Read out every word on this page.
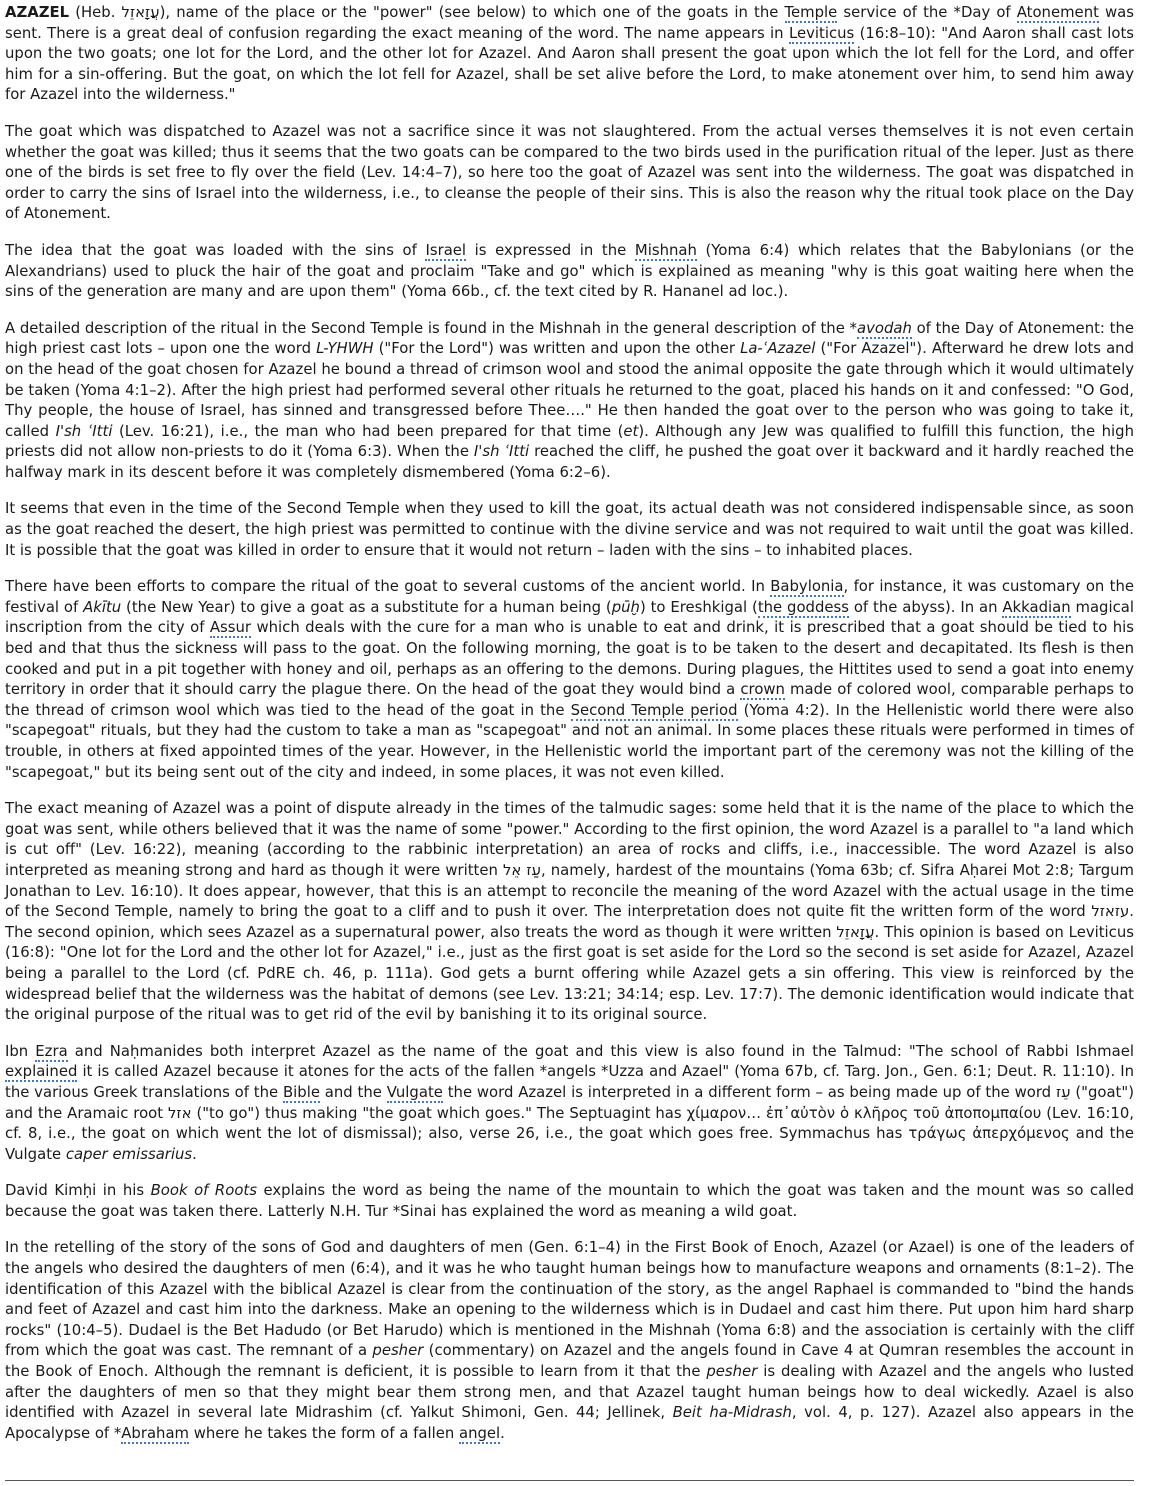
AZAZEL (Heb. עֲזָאזֵל), name of the place or the "power" (see below) to which one of the goats in the Temple service of the *Day of Atonement was sent. There is a great deal of confusion regarding the exact meaning of the word. The name appears in Leviticus (16:8–10): "And Aaron shall cast lots upon the two goats; one lot for the Lord, and the other lot for Azazel. And Aaron shall present the goat upon which the lot fell for the Lord, and offer him for a sin-offering. But the goat, on which the lot fell for Azazel, shall be set alive before the Lord, to make atonement over him, to send him away for Azazel into the wilderness."

The goat which was dispatched to Azazel was not a sacrifice since it was not slaughtered. From the actual verses themselves it is not even certain whether the goat was killed; thus it seems that the two goats can be compared to the two birds used in the purification ritual of the leper. Just as there one of the birds is set free to fly over the field (Lev. 14:4–7), so here too the goat of Azazel was sent into the wilderness. The goat was dispatched in order to carry the sins of Israel into the wilderness, i.e., to cleanse the people of their sins. This is also the reason why the ritual took place on the Day of Atonement.

The idea that the goat was loaded with the sins of Israel is expressed in the Mishnah (Yoma 6:4) which relates that the Babylonians (or the Alexandrians) used to pluck the hair of the goat and proclaim "Take and go" which is explained as meaning "why is this goat waiting here when the sins of the generation are many and are upon them" (Yoma 66b., cf. the text cited by R. Hananel ad loc.).

A detailed description of the ritual in the Second Temple is found in the Mishnah in the general description of the *avodah of the Day of Atonement: the high priest cast lots – upon one the word L-YHWH ("For the Lord") was written and upon the other La-ʿAzazel ("For Azazel"). Afterward he drew lots and on the head of the goat chosen for Azazel he bound a thread of crimson wool and stood the animal opposite the gate through which it would ultimately be taken (Yoma 4:1–2). After the high priest had performed several other rituals he returned to the goat, placed his hands on it and confessed: "O God, Thy people, the house of Israel, has sinned and transgressed before Thee…." He then handed the goat over to the person who was going to take it, called I'sh ʿItti (Lev. 16:21), i.e., the man who had been prepared for that time (et). Although any Jew was qualified to fulfill this function, the high priests did not allow non-priests to do it (Yoma 6:3). When the I'sh ʿItti reached the cliff, he pushed the goat over it backward and it hardly reached the halfway mark in its descent before it was completely dismembered (Yoma 6:2–6).

It seems that even in the time of the Second Temple when they used to kill the goat, its actual death was not considered indispensable since, as soon as the goat reached the desert, the high priest was permitted to continue with the divine service and was not required to wait until the goat was killed. It is possible that the goat was killed in order to ensure that it would not return – laden with the sins – to inhabited places.

There have been efforts to compare the ritual of the goat to several customs of the ancient world. In Babylonia, for instance, it was customary on the festival of Akītu (the New Year) to give a goat as a substitute for a human being (pūḫ) to Ereshkigal (the goddess of the abyss). In an Akkadian magical inscription from the city of Assur which deals with the cure for a man who is unable to eat and drink, it is prescribed that a goat should be tied to his bed and that thus the sickness will pass to the goat. On the following morning, the goat is to be taken to the desert and decapitated. Its flesh is then cooked and put in a pit together with honey and oil, perhaps as an offering to the demons. During plagues, the Hittites used to send a goat into enemy territory in order that it should carry the plague there. On the head of the goat they would bind a crown made of colored wool, comparable perhaps to the thread of crimson wool which was tied to the head of the goat in the Second Temple period (Yoma 4:2). In the Hellenistic world there were also "scapegoat" rituals, but they had the custom to take a man as "scapegoat" and not an animal. In some places these rituals were performed in times of trouble, in others at fixed appointed times of the year. However, in the Hellenistic world the important part of the ceremony was not the killing of the "scapegoat," but its being sent out of the city and indeed, in some places, it was not even killed.

The exact meaning of Azazel was a point of dispute already in the times of the talmudic sages: some held that it is the name of the place to which the goat was sent, while others believed that it was the name of some "power." According to the first opinion, the word Azazel is a parallel to "a land which is cut off" (Lev. 16:22), meaning (according to the rabbinic interpretation) an area of rocks and cliffs, i.e., inaccessible. The word Azazel is also interpreted as meaning strong and hard as though it were written עַז אֵל, namely, hardest of the mountains (Yoma 63b; cf. Sifra Aḥarei Mot 2:8; Targum Jonathan to Lev. 16:10). It does appear, however, that this is an attempt to reconcile the meaning of the word Azazel with the actual usage in the time of the Second Temple, namely to bring the goat to a cliff and to push it over. The interpretation does not quite fit the written form of the word עזאזל. The second opinion, which sees Azazel as a supernatural power, also treats the word as though it were written עֲזָאזֵל. This opinion is based on Leviticus (16:8): "One lot for the Lord and the other lot for Azazel," i.e., just as the first goat is set aside for the Lord so the second is set aside for Azazel, Azazel being a parallel to the Lord (cf. PdRE ch. 46, p. 111a). God gets a burnt offering while Azazel gets a sin offering. This view is reinforced by the widespread belief that the wilderness was the habitat of demons (see Lev. 13:21; 34:14; esp. Lev. 17:7). The demonic identification would indicate that the original purpose of the ritual was to get rid of the evil by banishing it to its original source.

Ibn Ezra and Naḥmanides both interpret Azazel as the name of the goat and this view is also found in the Talmud: "The school of Rabbi Ishmael explained it is called Azazel because it atones for the acts of the fallen *angels *Uzza and Azael" (Yoma 67b, cf. Targ. Jon., Gen. 6:1; Deut. R. 11:10). In the various Greek translations of the Bible and the Vulgate the word Azazel is interpreted in a different form – as being made up of the word עֵז ("goat") and the Aramaic root אזל ("to go") thus making "the goat which goes." The Septuagint has χίμαρον… ἐπ᾽αὐτὸν ὁ κλῆρος τοῦ ἀποπομπαίου (Lev. 16:10, cf. 8, i.e., the goat on which went the lot of dismissal); also, verse 26, i.e., the goat which goes free. Symmachus has τράγως ἀπερχόμενος and the Vulgate caper emissarius.

David Kimḥi in his Book of Roots explains the word as being the name of the mountain to which the goat was taken and the mount was so called because the goat was taken there. Latterly N.H. Tur *Sinai has explained the word as meaning a wild goat.

In the retelling of the story of the sons of God and daughters of men (Gen. 6:1–4) in the First Book of Enoch, Azazel (or Azael) is one of the leaders of the angels who desired the daughters of men (6:4), and it was he who taught human beings how to manufacture weapons and ornaments (8:1–2). The identification of this Azazel with the biblical Azazel is clear from the continuation of the story, as the angel Raphael is commanded to "bind the hands and feet of Azazel and cast him into the darkness. Make an opening to the wilderness which is in Dudael and cast him there. Put upon him hard sharp rocks" (10:4–5). Dudael is the Bet Hadudo (or Bet Harudo) which is mentioned in the Mishnah (Yoma 6:8) and the association is certainly with the cliff from which the goat was cast. The remnant of a pesher (commentary) on Azazel and the angels found in Cave 4 at Qumran resembles the account in the Book of Enoch. Although the remnant is deficient, it is possible to learn from it that the pesher is dealing with Azazel and the angels who lusted after the daughters of men so that they might bear them strong men, and that Azazel taught human beings how to deal wickedly. Azael is also identified with Azazel in several late Midrashim (cf. Yalkut Shimoni, Gen. 44; Jellinek, Beit ha-Midrash, vol. 4, p. 127). Azazel also appears in the Apocalypse of *Abraham where he takes the form of a fallen angel.
